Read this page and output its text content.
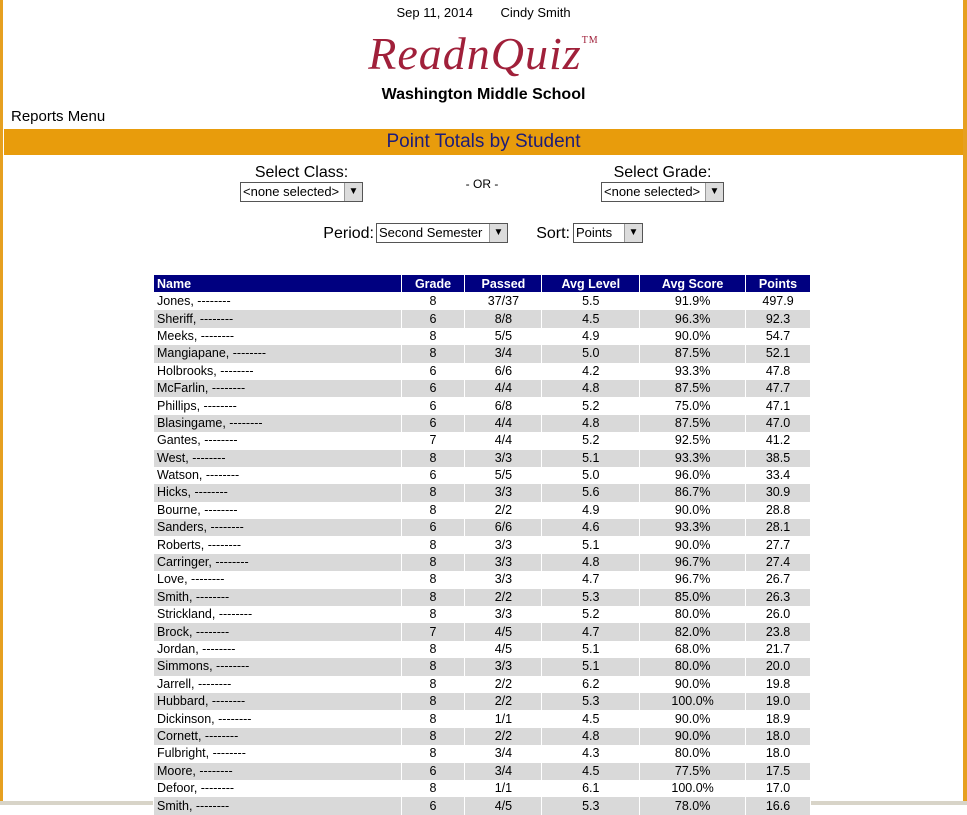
Sep 11, 2014 Cindy Smith
ReadnQuiz™
Washington Middle School
Reports Menu
Point Totals by Student
Select Class:
<none selected> ▼
- OR -
Select Grade:
<none selected> ▼
Period: Second Semester	▼ Sort: Points	▼
Name	Grade	Passed	Avg Level	Avg Score	Points
Jones, --------	8	37/37	5.5	91.9%	497.9
Sheriff, --------	6	8/8	4.5	96.3%	92.3
Meeks, --------	8	5/5	4.9	90.0%	54.7
Mangiapane, --------	8	3/4	5.0	87.5%	52.1
Holbrooks, --------	6	6/6	4.2	93.3%	47.8
McFarlin, --------	6	4/4	4.8	87.5%	47.7
Phillips, --------	6	6/8	5.2	75.0%	47.1
Blasingame, --------	6	4/4	4.8	87.5%	47.0
Gantes, --------	7	4/4	5.2	92.5%	41.2
West, --------	8	3/3	5.1	93.3%	38.5
Watson, --------	6	5/5	5.0	96.0%	33.4
Hicks, --------	8	3/3	5.6	86.7%	30.9
Bourne, --------	8	2/2	4.9	90.0%	28.8
Sanders, --------	6	6/6	4.6	93.3%	28.1
Roberts, --------	8	3/3	5.1	90.0%	27.7
Carringer, --------	8	3/3	4.8	96.7%	27.4
Love, --------	8	3/3	4.7	96.7%	26.7
Smith, --------	8	2/2	5.3	85.0%	26.3
Strickland, --------	8	3/3	5.2	80.0%	26.0
Brock, --------	7	4/5	4.7	82.0%	23.8
Jordan, --------	8	4/5	5.1	68.0%	21.7
Simmons, --------	8	3/3	5.1	80.0%	20.0
Jarrell, --------	8	2/2	6.2	90.0%	19.8
Hubbard, --------	8	2/2	5.3	100.0%	19.0
Dickinson, --------	8	1/1	4.5	90.0%	18.9
Cornett, --------	8	2/2	4.8	90.0%	18.0
Fulbright, --------	8	3/4	4.3	80.0%	18.0
Moore, --------	6	3/4	4.5	77.5%	17.5
Defoor, --------	8	1/1	6.1	100.0%	17.0
Smith, --------	6	4/5	5.3	78.0%	16.6
